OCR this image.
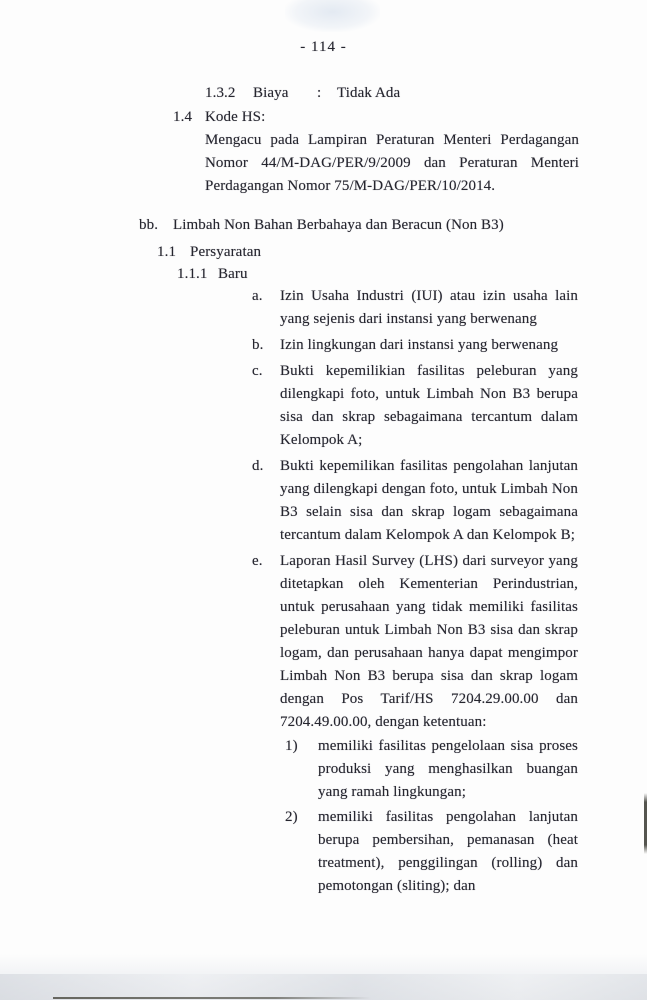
- 114 -
1.3.2	Biaya	:	Tidak Ada
1.4 Kode HS:
Mengacu pada Lampiran Peraturan Menteri Perdagangan Nomor 44/M-DAG/PER/9/2009 dan Peraturan Menteri Perdagangan Nomor 75/M-DAG/PER/10/2014.
bb. Limbah Non Bahan Berbahaya dan Beracun (Non B3)
1.1 Persyaratan
1.1.1 Baru
a.	Izin Usaha Industri (IUI) atau izin usaha lain yang sejenis dari instansi yang berwenang
b.	Izin lingkungan dari instansi yang berwenang
c.	Bukti kepemilikian fasilitas peleburan yang dilengkapi foto, untuk Limbah Non B3 berupa sisa dan skrap sebagaimana tercantum dalam Kelompok A;
d.	Bukti kepemilikan fasilitas pengolahan lanjutan yang dilengkapi dengan foto, untuk Limbah Non B3 selain sisa dan skrap logam sebagaimana tercantum dalam Kelompok A dan Kelompok B;
e.	Laporan Hasil Survey (LHS) dari surveyor yang ditetapkan oleh Kementerian Perindustrian, untuk perusahaan yang tidak memiliki fasilitas peleburan untuk Limbah Non B3 sisa dan skrap logam, dan perusahaan hanya dapat mengimpor Limbah Non B3 berupa sisa dan skrap logam dengan Pos Tarif/HS 7204.29.00.00 dan 7204.49.00.00, dengan ketentuan:
1)	memiliki fasilitas pengelolaan sisa proses produksi yang menghasilkan buangan yang ramah lingkungan;
2)	memiliki fasilitas pengolahan lanjutan berupa pembersihan, pemanasan (heat treatment), penggilingan (rolling) dan pemotongan (sliting); dan
